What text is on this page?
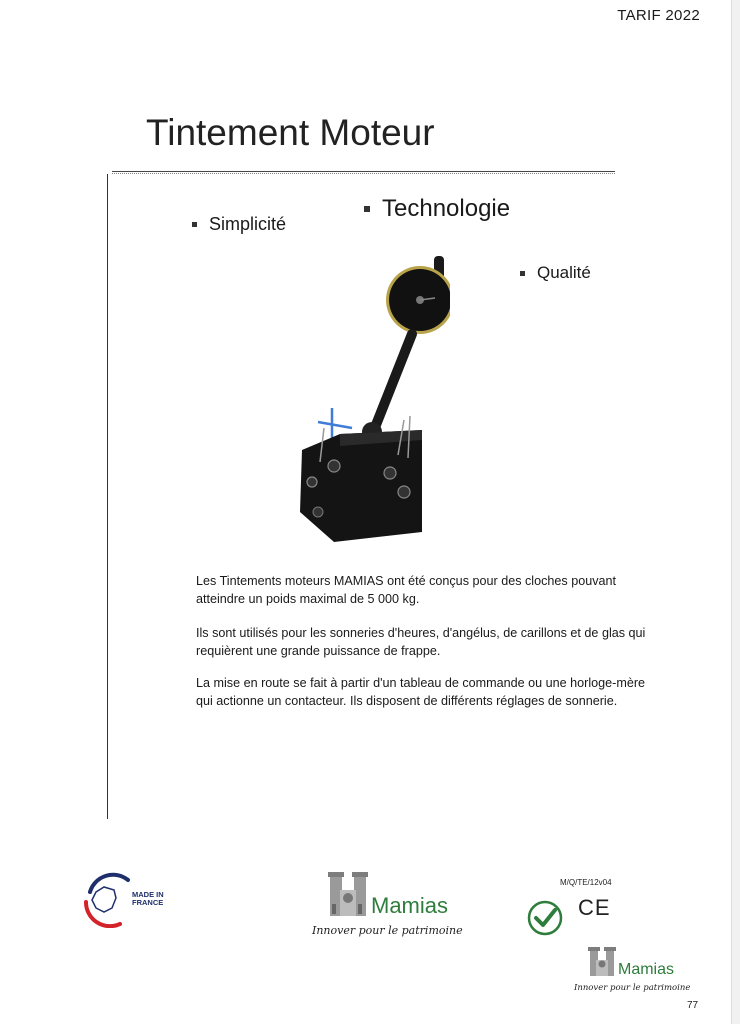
TARIF 2022
Tintement Moteur
Simplicité
Technologie
Qualité

Les Tintements moteurs MAMIAS ont été conçus pour des cloches pouvant atteindre un poids maximal de 5 000 kg.

Ils sont utilisés pour les sonneries d'heures, d'angélus, de carillons et de glas qui requièrent une grande puissance de frappe.

La mise en route se fait à partir d'un tableau de commande ou une horloge-mère qui actionne un contacteur. Ils disposent de différents réglages de sonnerie.

MADE IN FRANCE	Mamias
Innover pour le patrimoine
M/Q/TE/12v04
CE
Mamias
Innover pour le patrimoine
77
